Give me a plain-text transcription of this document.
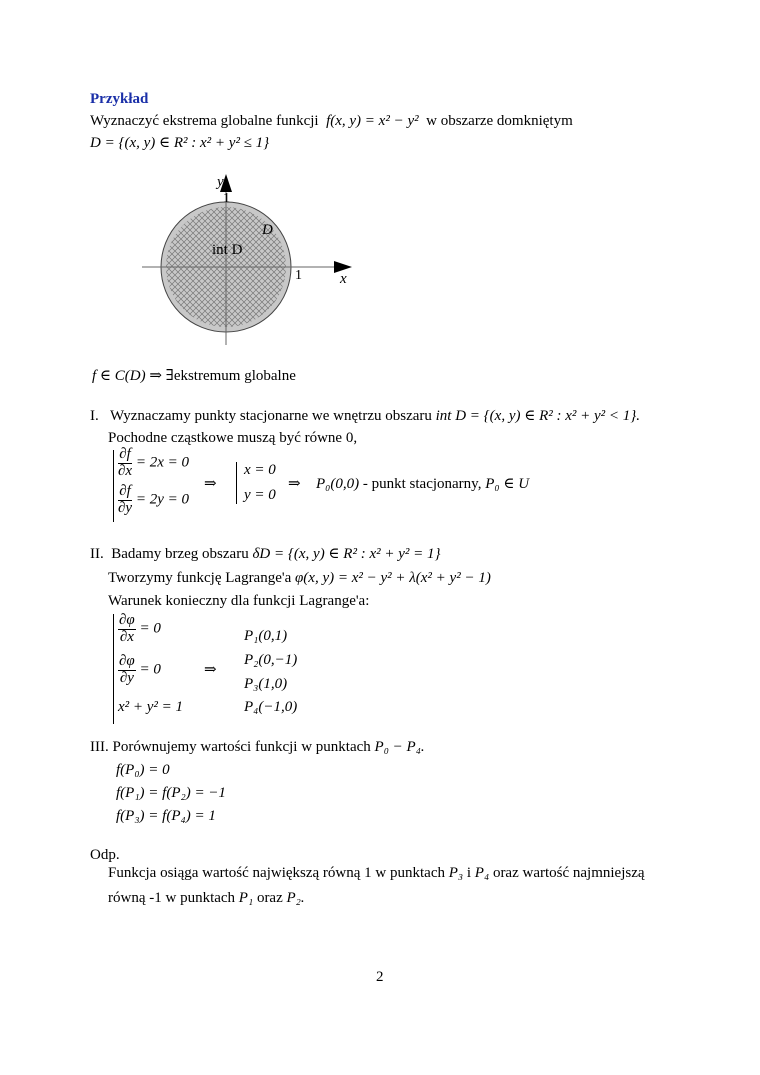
Przykład
Wyznaczyć ekstrema globalne funkcji f(x, y) = x² − y² w obszarze domkniętym
D = {(x, y) ∈ R² : x² + y² ≤ 1}
y
1
D
int D
1	x
f ∈ C(D) ⇒ ∃ekstremum globalne
I. Wyznaczamy punkty stacjonarne we wnętrzu obszaru int D = {(x, y) ∈ R² : x² + y² < 1}.
Pochodne cząstkowe muszą być równe 0,
$\frac{\partial f}{\partial x} = 2x = 0$
$\frac{\partial f}{\partial y} = 2y = 0$
⇒
x = 0
y = 0
⇒ P₀(0,0) - punkt stacjonarny, P₀ ∈ U
II. Badamy brzeg obszaru δD = {(x, y) ∈ R² : x² + y² = 1}
Tworzymy funkcję Lagrange'a φ(x, y) = x² − y² + λ(x² + y² − 1)
Warunek konieczny dla funkcji Lagrange'a:
$\frac{\partial\varphi}{\partial x} = 0$
$\frac{\partial\varphi}{\partial y} = 0$
x² + y² = 1
⇒
P₁(0,1)
P₂(0,−1)
P₃(1,0)
P₄(−1,0)
III. Porównujemy wartości funkcji w punktach P₀ − P₄.
f(P₀) = 0
f(P₁) = f(P₂) = −1
f(P₃) = f(P₄) = 1
Odp.
Funkcja osiąga wartość największą równą 1 w punktach P₃ i P₄ oraz wartość najmniejszą
równą -1 w punktach P₁ oraz P₂.
2
